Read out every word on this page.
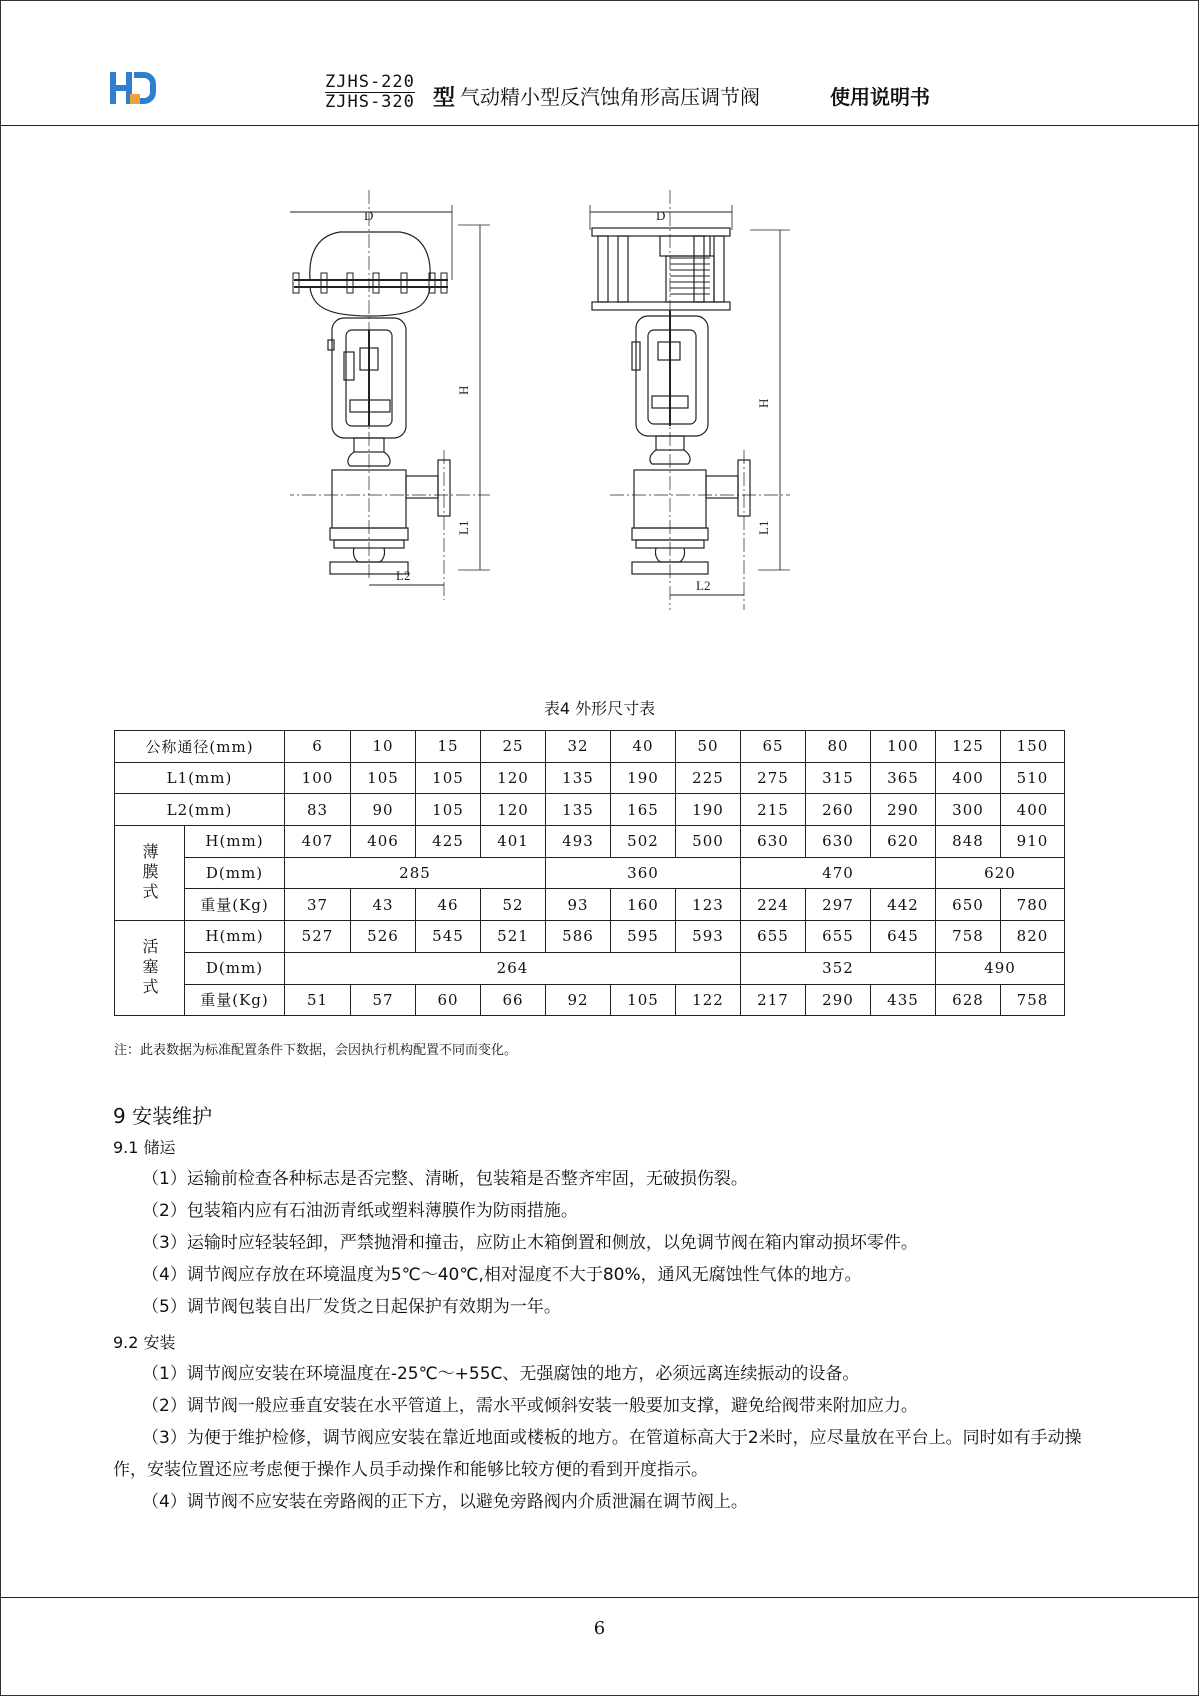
ZJHS-220
ZJHS-320 型 气动精小型反汽蚀角形高压调节阀	使用说明书
D
H
L1
L2
D
H
L1
L2
表4 外形尺寸表
公称通径(mm)		6	10	15	25	32	40	50	65	80	100	125	150
L1(mm)		100	105	105	120	135	190	225	275	315	365	400	510
L2(mm)		83	90	105	120	135	165	190	215	260	290	300	400
薄膜式	H(mm)	407	406	425	401	493	502	500	630	630	620	848	910
	D(mm)	285				360			470			620	
	重量(Kg)	37	43	46	52	93	160	123	224	297	442	650	780
活塞式	H(mm)	527	526	545	521	586	595	593	655	655	645	758	820
	D(mm)	264							352			490	
	重量(Kg)	51	57	60	66	92	105	122	217	290	435	628	758
注：此表数据为标准配置条件下数据，会因执行机构配置不同而变化。
9 安装维护
9.1 储运

（1）运输前检查各种标志是否完整、清晰，包装箱是否整齐牢固，无破损伤裂。

（2）包装箱内应有石油沥青纸或塑料薄膜作为防雨措施。

（3）运输时应轻装轻卸，严禁抛滑和撞击，应防止木箱倒置和侧放，以免调节阀在箱内窜动损坏零件。

（4）调节阀应存放在环境温度为5℃～40℃,相对湿度不大于80%，通风无腐蚀性气体的地方。

（5）调节阀包装自出厂发货之日起保护有效期为一年。

9.2 安装

（1）调节阀应安装在环境温度在-25℃～+55C、无强腐蚀的地方，必须远离连续振动的设备。

（2）调节阀一般应垂直安装在水平管道上，需水平或倾斜安装一般要加支撑，避免给阀带来附加应力。

（3）为便于维护检修，调节阀应安装在靠近地面或楼板的地方。在管道标高大于2米时，应尽量放在平台上。同时如有手动操作，安装位置还应考虑便于操作人员手动操作和能够比较方便的看到开度指示。

（4）调节阀不应安装在旁路阀的正下方，以避免旁路阀内介质泄漏在调节阀上。

6
